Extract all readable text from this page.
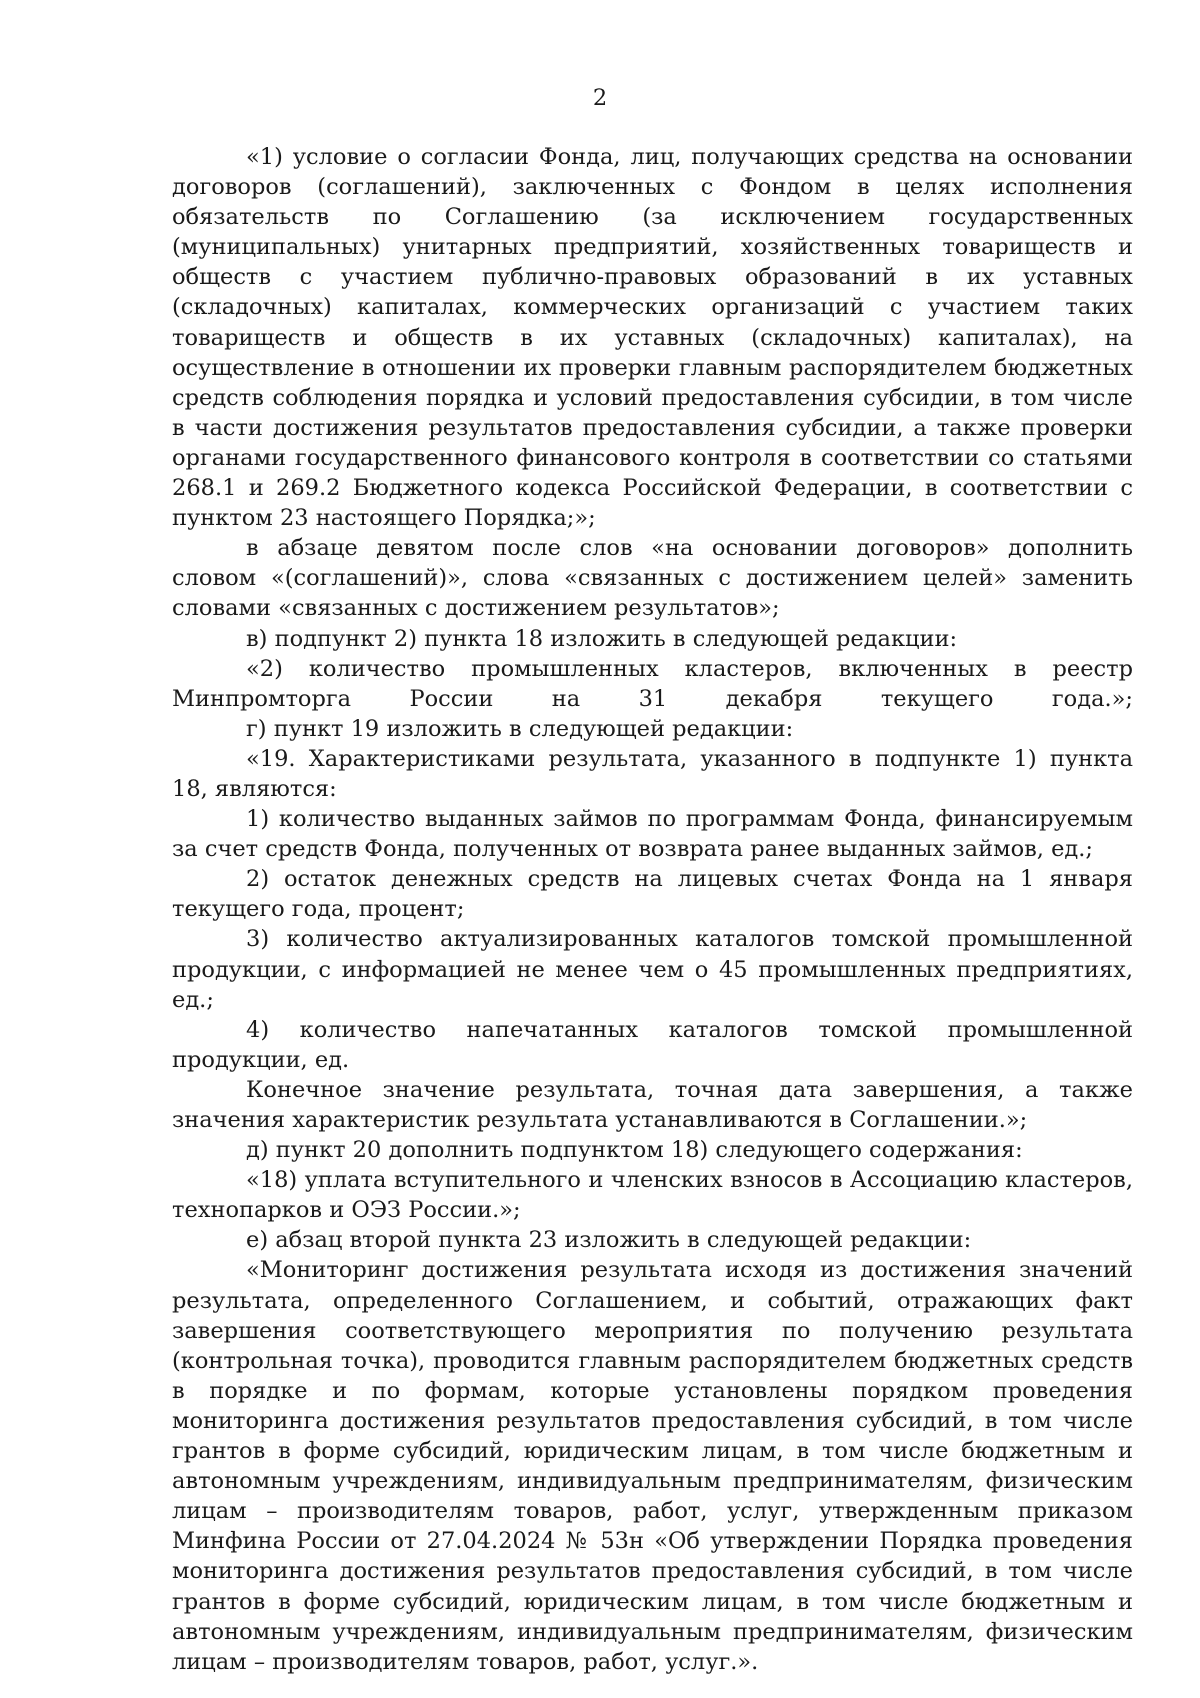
2

«1) условие о согласии Фонда, лиц, получающих средства на основании договоров (соглашений), заключенных с Фондом в целях исполнения обязательств по Соглашению (за исключением государственных (муниципальных) унитарных предприятий, хозяйственных товариществ и обществ с участием публично-правовых образований в их уставных (складочных) капиталах, коммерческих организаций с участием таких товариществ и обществ в их уставных (складочных) капиталах), на осуществление в отношении их проверки главным распорядителем бюджетных средств соблюдения порядка и условий предоставления субсидии, в том числе в части достижения результатов предоставления субсидии, а также проверки органами государственного финансового контроля в соответствии со статьями 268.1 и 269.2 Бюджетного кодекса Российской Федерации, в соответствии с пунктом 23 настоящего Порядка;»;

в абзаце девятом после слов «на основании договоров» дополнить словом «(соглашений)», слова «связанных с достижением целей» заменить словами «связанных с достижением результатов»;

в) подпункт 2) пункта 18 изложить в следующей редакции:

«2) количество промышленных кластеров, включенных в реестр Минпромторга России на 31 декабря текущего года.»;

г) пункт 19 изложить в следующей редакции:

«19. Характеристиками результата, указанного в подпункте 1) пункта 18, являются:

1) количество выданных займов по программам Фонда, финансируемым за счет средств Фонда, полученных от возврата ранее выданных займов, ед.;

2) остаток денежных средств на лицевых счетах Фонда на 1 января текущего года, процент;

3) количество актуализированных каталогов томской промышленной продукции, с информацией не менее чем о 45 промышленных предприятиях, ед.;

4) количество напечатанных каталогов томской промышленной продукции, ед.

Конечное значение результата, точная дата завершения, а также значения характеристик результата устанавливаются в Соглашении.»;

д) пункт 20 дополнить подпунктом 18) следующего содержания:

«18) уплата вступительного и членских взносов в Ассоциацию кластеров, технопарков и ОЭЗ России.»;

е) абзац второй пункта 23 изложить в следующей редакции:

«Мониторинг достижения результата исходя из достижения значений результата, определенного Соглашением, и событий, отражающих факт завершения соответствующего мероприятия по получению результата (контрольная точка), проводится главным распорядителем бюджетных средств в порядке и по формам, которые установлены порядком проведения мониторинга достижения результатов предоставления субсидий, в том числе грантов в форме субсидий, юридическим лицам, в том числе бюджетным и автономным учреждениям, индивидуальным предпринимателям, физическим лицам – производителям товаров, работ, услуг, утвержденным приказом Минфина России от 27.04.2024 № 53н «Об утверждении Порядка проведения мониторинга достижения результатов предоставления субсидий, в том числе грантов в форме субсидий, юридическим лицам, в том числе бюджетным и автономным учреждениям, индивидуальным предпринимателям, физическим лицам – производителям товаров, работ, услуг.».
